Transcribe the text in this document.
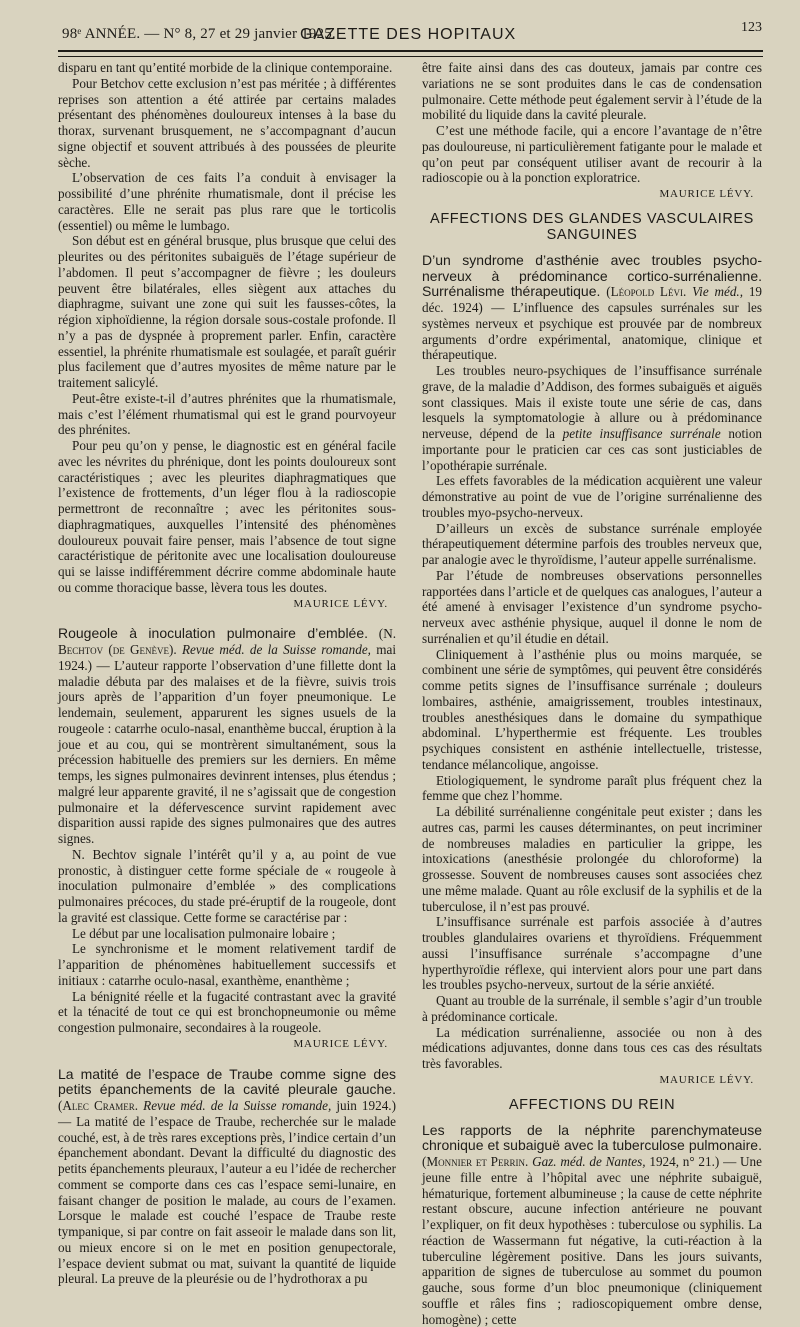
98ᵉ ANNÉE. — N° 8, 27 et 29 janvier 1925.
GAZETTE DES HOPITAUX	123

disparu en tant qu’entité morbide de la clinique contemporaine.

Pour Betchov cette exclusion n’est pas méritée ; à différentes reprises son attention a été attirée par certains malades présentant des phénomènes douloureux intenses à la base du thorax, survenant brusquement, ne s’accompagnant d’aucun signe objectif et souvent attribués à des poussées de pleurite sèche.

L’observation de ces faits l’a conduit à envisager la possibilité d’une phrénite rhumatismale, dont il précise les caractères. Elle ne serait pas plus rare que le torticolis (essentiel) ou même le lumbago.

Son début est en général brusque, plus brusque que celui des pleurites ou des péritonites subaiguës de l’étage supérieur de l’abdomen. Il peut s’accompagner de fièvre ; les douleurs peuvent être bilatérales, elles siègent aux attaches du diaphragme, suivant une zone qui suit les fausses-côtes, la région xiphoïdienne, la région dorsale sous-costale profonde. Il n’y a pas de dyspnée à proprement parler. Enfin, caractère essentiel, la phrénite rhumatismale est soulagée, et paraît guérir plus facilement que d’autres myosites de même nature par le traitement salicylé.

Peut-être existe-t-il d’autres phrénites que la rhumatismale, mais c’est l’élément rhumatismal qui est le grand pourvoyeur des phrénites.

Pour peu qu’on y pense, le diagnostic est en général facile avec les névrites du phrénique, dont les points douloureux sont caractéristiques ; avec les pleurites diaphragmatiques que l’existence de frottements, d’un léger flou à la radioscopie permettront de reconnaître ; avec les péritonites sous-diaphragmatiques, auxquelles l’intensité des phénomènes douloureux pouvait faire penser, mais l’absence de tout signe caractéristique de péritonite avec une localisation douloureuse qui se laisse indifféremment décrire comme abdominale haute ou comme thoracique basse, lèvera tous les doutes.

MAURICE LÉVY.

Rougeole à inoculation pulmonaire d’emblée. (N. Bechtov (de Genève). Revue méd. de la Suisse romande, mai 1924.) — L’auteur rapporte l’observation d’une fillette dont la maladie débuta par des malaises et de la fièvre, suivis trois jours après de l’apparition d’un foyer pneumonique. Le lendemain, seulement, apparurent les signes usuels de la rougeole : catarrhe oculo-nasal, enanthème buccal, éruption à la joue et au cou, qui se montrèrent simultanément, sous la précession habituelle des premiers sur les derniers. En même temps, les signes pulmonaires devinrent intenses, plus étendus ; malgré leur apparente gravité, il ne s’agissait que de congestion pulmonaire et la défervescence survint rapidement avec disparition aussi rapide des signes pulmonaires que des autres signes.

N. Bechtov signale l’intérêt qu’il y a, au point de vue pronostic, à distinguer cette forme spéciale de « rougeole à inoculation pulmonaire d’emblée » des complications pulmonaires précoces, du stade pré-éruptif de la rougeole, dont la gravité est classique. Cette forme se caractérise par :

Le début par une localisation pulmonaire lobaire ;

Le synchronisme et le moment relativement tardif de l’apparition de phénomènes habituellement successifs et initiaux : catarrhe oculo-nasal, exanthème, enanthème ;

La bénignité réelle et la fugacité contrastant avec la gravité et la ténacité de tout ce qui est bronchopneumonie ou même congestion pulmonaire, secondaires à la rougeole.

MAURICE LÉVY.

La matité de l’espace de Traube comme signe des petits épanchements de la cavité pleurale gauche. (Alec Cramer. Revue méd. de la Suisse romande, juin 1924.) — La matité de l’espace de Traube, recherchée sur le malade couché, est, à de très rares exceptions près, l’indice certain d’un épanchement abondant. Devant la difficulté du diagnostic des petits épanchements pleuraux, l’auteur a eu l’idée de rechercher comment se comporte dans ces cas l’espace semi-lunaire, en faisant changer de position le malade, au cours de l’examen. Lorsque le malade est couché l’espace de Traube reste tympanique, si par contre on fait asseoir le malade dans son lit, ou mieux encore si on le met en position genupectorale, l’espace devient submat ou mat, suivant la quantité de liquide pleural. La preuve de la pleurésie ou de l’hydrothorax a pu

être faite ainsi dans des cas douteux, jamais par contre ces variations ne se sont produites dans le cas de condensation pulmonaire. Cette méthode peut également servir à l’étude de la mobilité du liquide dans la cavité pleurale.

C’est une méthode facile, qui a encore l’avantage de n’être pas douloureuse, ni particulièrement fatigante pour le malade et qu’on peut par conséquent utiliser avant de recourir à la radioscopie ou à la ponction exploratrice.

MAURICE LÉVY.
AFFECTIONS DES GLANDES VASCULAIRES SANGUINES

D’un syndrome d’asthénie avec troubles psycho-nerveux à prédominance cortico-surrénalienne. Surrénalisme thérapeutique. (Léopold Lévi. Vie méd., 19 déc. 1924) — L’influence des capsules surrénales sur les systèmes nerveux et psychique est prouvée par de nombreux arguments d’ordre expérimental, anatomique, clinique et thérapeutique.

Les troubles neuro-psychiques de l’insuffisance surrénale grave, de la maladie d’Addison, des formes subaiguës et aiguës sont classiques. Mais il existe toute une série de cas, dans lesquels la symptomatologie à allure ou à prédominance nerveuse, dépend de la petite insuffisance surrénale notion importante pour le praticien car ces cas sont justiciables de l’opothérapie surrénale.

Les effets favorables de la médication acquièrent une valeur démonstrative au point de vue de l’origine surrénalienne des troubles myo-psycho-nerveux.

D’ailleurs un excès de substance surrénale employée thérapeutiquement détermine parfois des troubles nerveux que, par analogie avec le thyroïdisme, l’auteur appelle surrénalisme.

Par l’étude de nombreuses observations personnelles rapportées dans l’article et de quelques cas analogues, l’auteur a été amené à envisager l’existence d’un syndrome psycho-nerveux avec asthénie physique, auquel il donne le nom de surrénalien et qu’il étudie en détail.

Cliniquement à l’asthénie plus ou moins marquée, se combinent une série de symptômes, qui peuvent être considérés comme petits signes de l’insuffisance surrénale ; douleurs lombaires, asthénie, amaigrissement, troubles intestinaux, troubles anesthésiques dans le domaine du sympathique abdominal. L’hyperthermie est fréquente. Les troubles psychiques consistent en asthénie intellectuelle, tristesse, tendance mélancolique, angoisse.

Etiologiquement, le syndrome paraît plus fréquent chez la femme que chez l’homme.

La débilité surrénalienne congénitale peut exister ; dans les autres cas, parmi les causes déterminantes, on peut incriminer de nombreuses maladies en particulier la grippe, les intoxications (anesthésie prolongée du chloroforme) la grossesse. Souvent de nombreuses causes sont associées chez une même malade. Quant au rôle exclusif de la syphilis et de la tuberculose, il n’est pas prouvé.

L’insuffisance surrénale est parfois associée à d’autres troubles glandulaires ovariens et thyroïdiens. Fréquemment aussi l’insuffisance surrénale s’accompagne d’une hyperthyroïdie réflexe, qui intervient alors pour une part dans les troubles psycho-nerveux, surtout de la série anxiété.

Quant au trouble de la surrénale, il semble s’agir d’un trouble à prédominance corticale.

La médication surrénalienne, associée ou non à des médications adjuvantes, donne dans tous ces cas des résultats très favorables.

MAURICE LÉVY.
AFFECTIONS DU REIN

Les rapports de la néphrite parenchymateuse chronique et subaiguë avec la tuberculose pulmonaire. (Monnier et Perrin. Gaz. méd. de Nantes, 1924, n° 21.) — Une jeune fille entre à l’hôpital avec une néphrite subaiguë, hématurique, fortement albumineuse ; la cause de cette néphrite restant obscure, aucune infection antérieure ne pouvant l’expliquer, on fit deux hypothèses : tuberculose ou syphilis. La réaction de Wassermann fut négative, la cuti-réaction à la tuberculine légèrement positive. Dans les jours suivants, apparition de signes de tuberculose au sommet du poumon gauche, sous forme d’un bloc pneumonique (cliniquement souffle et râles fins ; radioscopiquement ombre dense, homogène) ; cette
